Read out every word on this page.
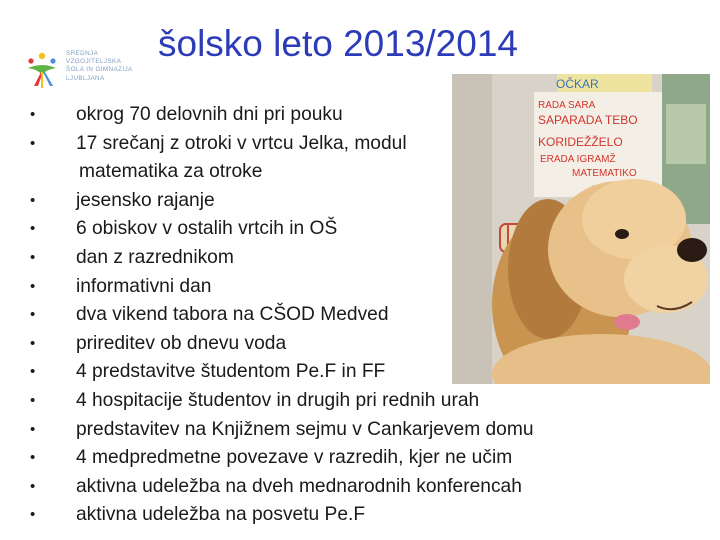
SREDNJA
VZGOJITELJSKA
ŠOLA IN GIMNAZIJA
LJUBLJANA
šolsko leto 2013/2014
OČKAR
RADA SARA
SAPARADA TEBO
KORIDEŽŽELO
ERADA IGRAMŽ
MATEMATIKO
• okrog 70 delovnih dni pri pouku
• 17 srečanj z otroki v vrtcu Jelka, modul
matematika za otroke
• jesensko rajanje
• 6 obiskov v ostalih vrtcih in OŠ
• dan z razrednikom
• informativni dan
• dva vikend tabora na CŠOD Medved
• prireditev ob dnevu voda
• 4 predstavitve študentom Pe.F in FF
• 4 hospitacije študentov in drugih pri rednih urah
• predstavitev na Knjižnem sejmu v Cankarjevem domu
• 4 medpredmetne povezave v razredih, kjer ne učim
• aktivna udeležba na dveh mednarodnih konferencah
• aktivna udeležba na posvetu Pe.F
